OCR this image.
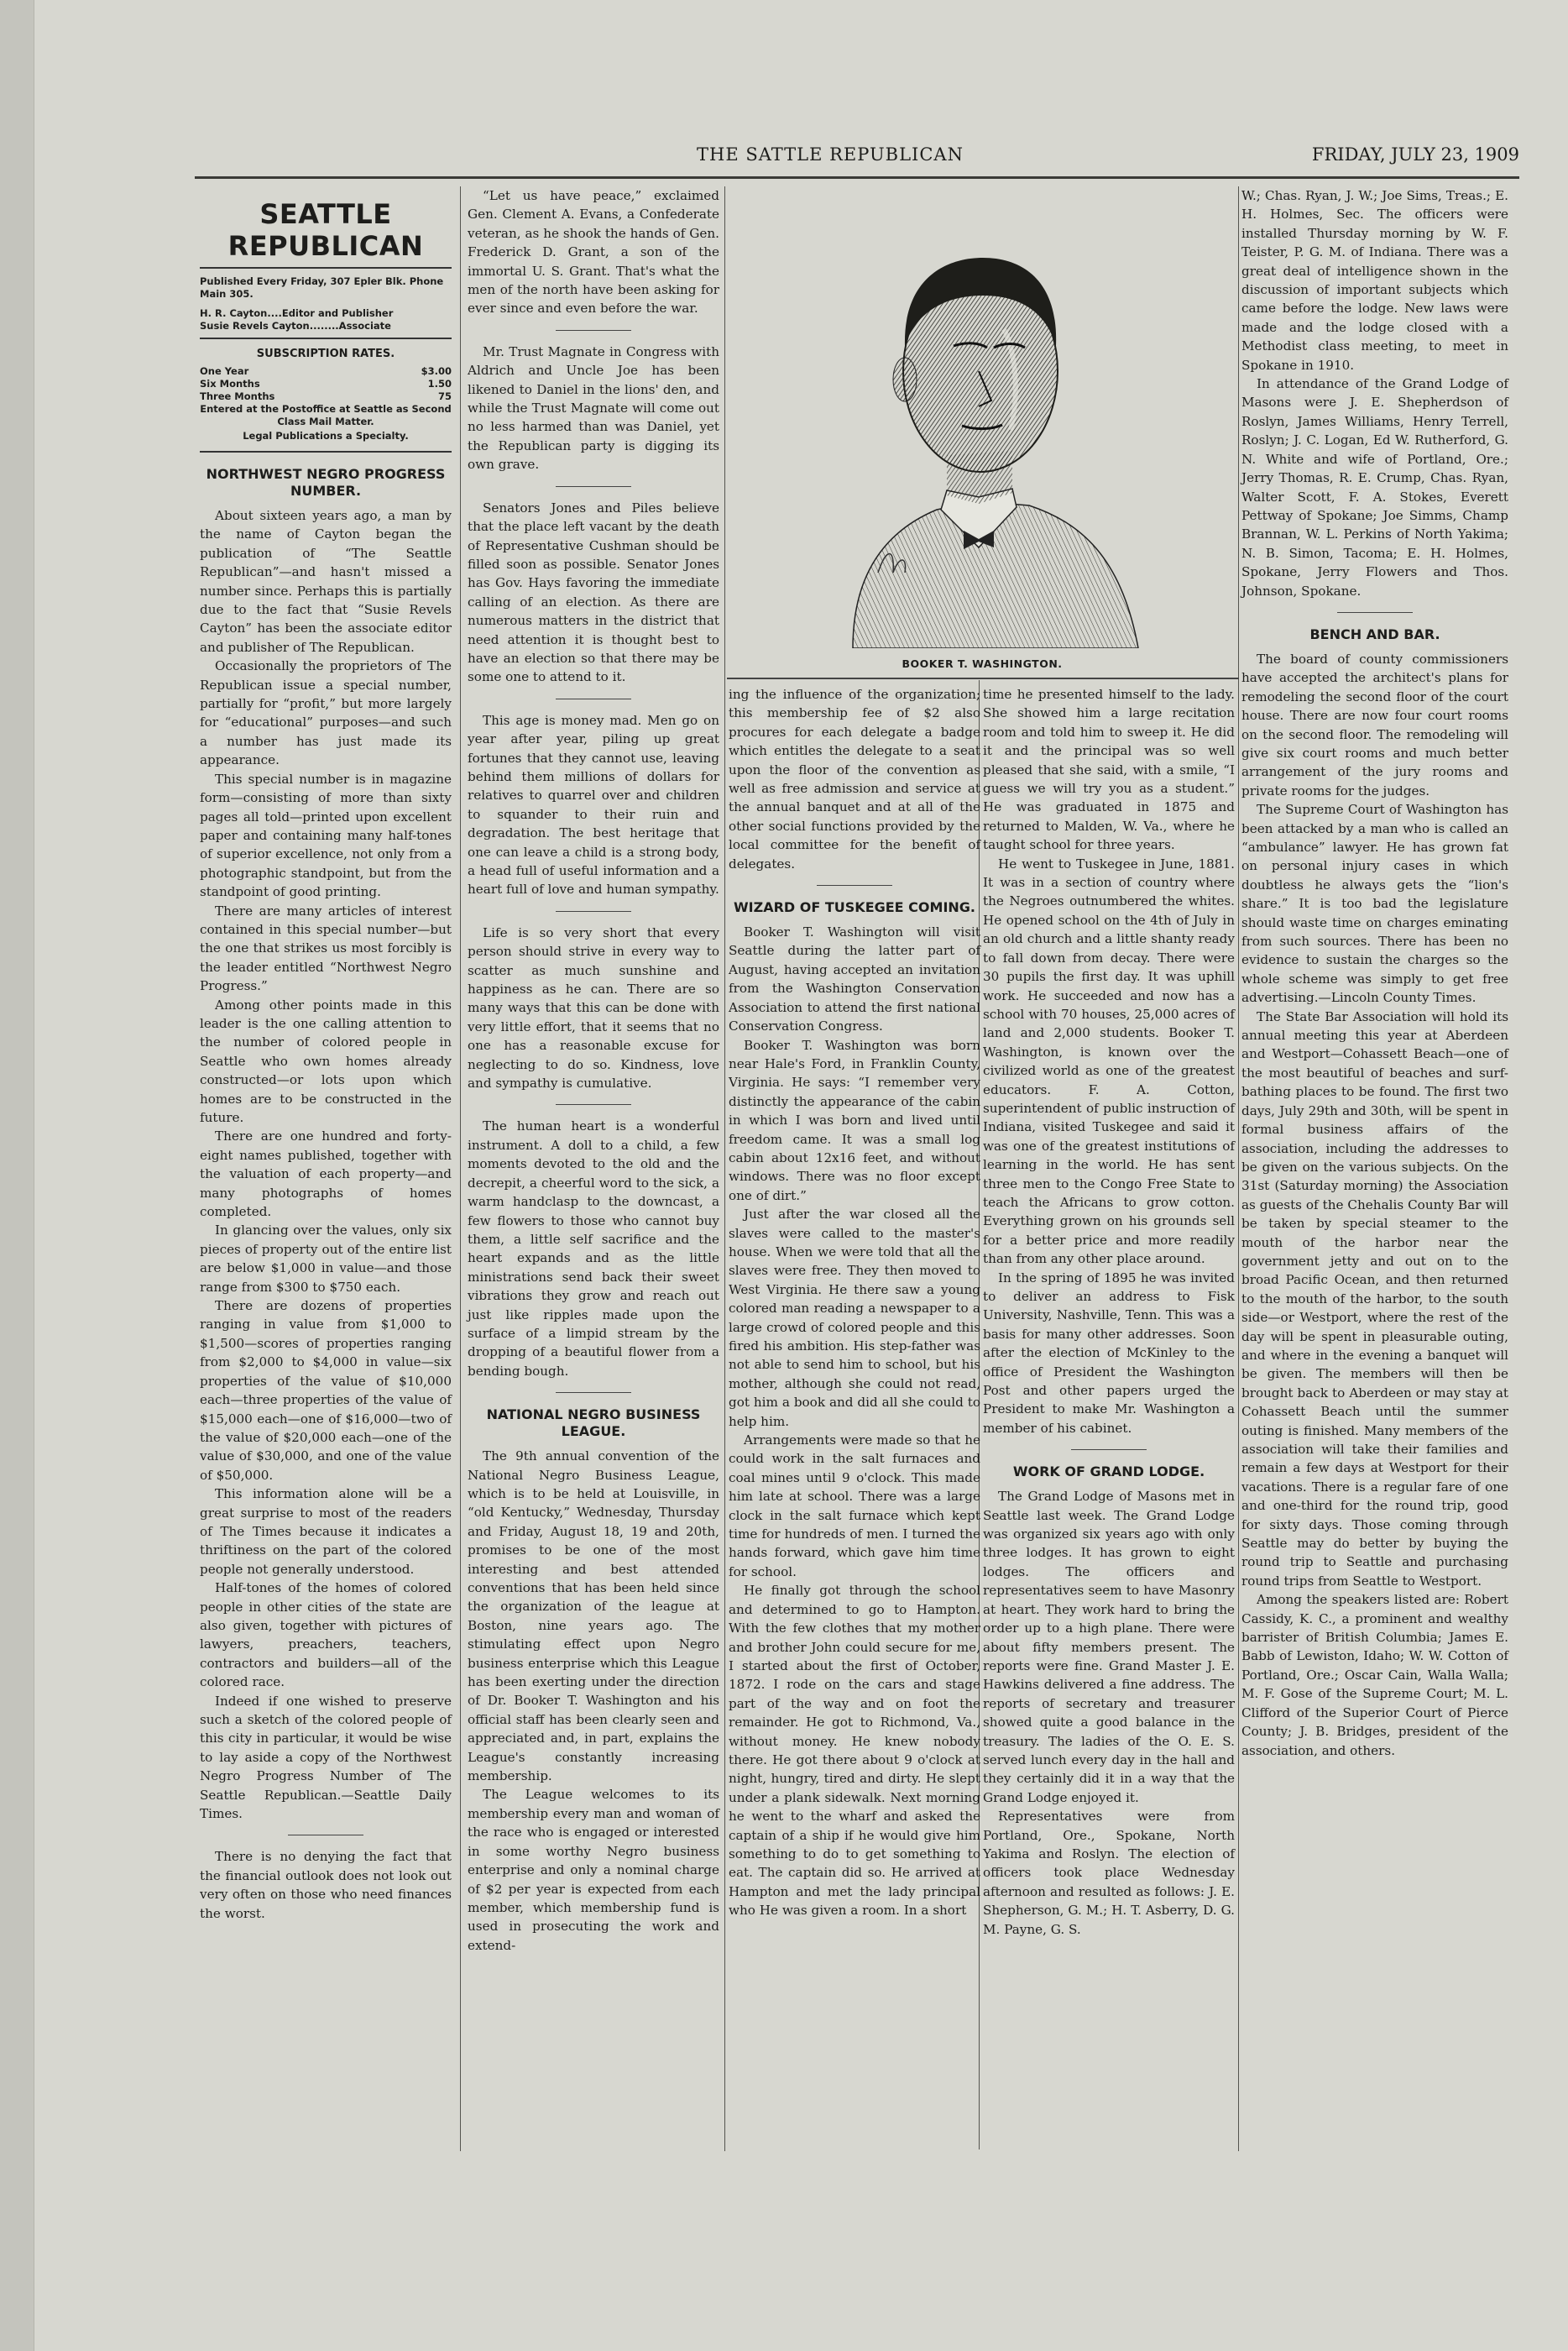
THE SATTLE REPUBLICAN	FRIDAY, JULY 23, 1909
SEATTLE REPUBLICAN
Published Every Friday, 307 Epler Blk. Phone Main 305.
H. R. Cayton....Editor and Publisher
Susie Revels Cayton........Associate
SUBSCRIPTION RATES.
One Year	$3.00
Six Months	1.50
Three Months	75
Entered at the Postoffice at Seattle as Second Class Mail Matter.
Legal Publications a Specialty.
NORTHWEST NEGRO PROGRESS NUMBER.

About sixteen years ago, a man by the name of Cayton began the publication of “The Seattle Republican”—and hasn't missed a number since. Perhaps this is partially due to the fact that “Susie Revels Cayton” has been the associate editor and publisher of The Republican.

Occasionally the proprietors of The Republican issue a special number, partially for “profit,” but more largely for “educational” purposes—and such a number has just made its appearance.

This special number is in magazine form—consisting of more than sixty pages all told—printed upon excellent paper and containing many half-tones of superior excellence, not only from a photographic standpoint, but from the standpoint of good printing.

There are many articles of interest contained in this special number—but the one that strikes us most forcibly is the leader entitled “Northwest Negro Progress.”

Among other points made in this leader is the one calling attention to the number of colored people in Seattle who own homes already constructed—or lots upon which homes are to be constructed in the future.

There are one hundred and forty-eight names published, together with the valuation of each property—and many photographs of homes completed.

In glancing over the values, only six pieces of property out of the entire list are below $1,000 in value—and those range from $300 to $750 each.

There are dozens of properties ranging in value from $1,000 to $1,500—scores of properties ranging from $2,000 to $4,000 in value—six properties of the value of $10,000 each—three properties of the value of $15,000 each—one of $16,000—two of the value of $20,000 each—one of the value of $30,000, and one of the value of $50,000.

This information alone will be a great surprise to most of the readers of The Times because it indicates a thriftiness on the part of the colored people not generally understood.

Half-tones of the homes of colored people in other cities of the state are also given, together with pictures of lawyers, preachers, teachers, contractors and builders—all of the colored race.

Indeed if one wished to preserve such a sketch of the colored people of this city in particular, it would be wise to lay aside a copy of the Northwest Negro Progress Number of The Seattle Republican.—Seattle Daily Times.

There is no denying the fact that the financial outlook does not look out very often on those who need finances the worst.

“Let us have peace,” exclaimed Gen. Clement A. Evans, a Confederate veteran, as he shook the hands of Gen. Frederick D. Grant, a son of the immortal U. S. Grant. That's what the men of the north have been asking for ever since and even before the war.

Mr. Trust Magnate in Congress with Aldrich and Uncle Joe has been likened to Daniel in the lions' den, and while the Trust Magnate will come out no less harmed than was Daniel, yet the Republican party is digging its own grave.

Senators Jones and Piles believe that the place left vacant by the death of Representative Cushman should be filled soon as possible. Senator Jones has Gov. Hays favoring the immediate calling of an election. As there are numerous matters in the district that need attention it is thought best to have an election so that there may be some one to attend to it.

This age is money mad. Men go on year after year, piling up great fortunes that they cannot use, leaving behind them millions of dollars for relatives to quarrel over and children to squander to their ruin and degradation. The best heritage that one can leave a child is a strong body, a head full of useful information and a heart full of love and human sympathy.

Life is so very short that every person should strive in every way to scatter as much sunshine and happiness as he can. There are so many ways that this can be done with very little effort, that it seems that no one has a reasonable excuse for neglecting to do so. Kindness, love and sympathy is cumulative.

The human heart is a wonderful instrument. A doll to a child, a few moments devoted to the old and the decrepit, a cheerful word to the sick, a warm handclasp to the downcast, a few flowers to those who cannot buy them, a little self sacrifice and the heart expands and as the little ministrations send back their sweet vibrations they grow and reach out just like ripples made upon the surface of a limpid stream by the dropping of a beautiful flower from a bending bough.

NATIONAL NEGRO BUSINESS LEAGUE.

The 9th annual convention of the National Negro Business League, which is to be held at Louisville, in “old Kentucky,” Wednesday, Thursday and Friday, August 18, 19 and 20th, promises to be one of the most interesting and best attended conventions that has been held since the organization of the league at Boston, nine years ago. The stimulating effect upon Negro business enterprise which this League has been exerting under the direction of Dr. Booker T. Washington and his official staff has been clearly seen and appreciated and, in part, explains the League's constantly increasing membership.

The League welcomes to its membership every man and woman of the race who is engaged or interested in some worthy Negro business enterprise and only a nominal charge of $2 per year is expected from each member, which membership fund is used in prosecuting the work and extend-

BOOKER T. WASHINGTON.

ing the influence of the organization; this membership fee of $2 also procures for each delegate a badge which entitles the delegate to a seat upon the floor of the convention as well as free admission and service at the annual banquet and at all of the other social functions provided by the local committee for the benefit of delegates.

WIZARD OF TUSKEGEE COMING.

Booker T. Washington will visit Seattle during the latter part of August, having accepted an invitation from the Washington Conservation Association to attend the first national Conservation Congress.

Booker T. Washington was born near Hale's Ford, in Franklin County, Virginia. He says: “I remember very distinctly the appearance of the cabin in which I was born and lived until freedom came. It was a small log cabin about 12x16 feet, and without windows. There was no floor except one of dirt.”

Just after the war closed all the slaves were called to the master's house. When we were told that all the slaves were free. They then moved to West Virginia. He there saw a young colored man reading a newspaper to a large crowd of colored people and this fired his ambition. His step-father was not able to send him to school, but his mother, although she could not read, got him a book and did all she could to help him.

Arrangements were made so that he could work in the salt furnaces and coal mines until 9 o'clock. This made him late at school. There was a large clock in the salt furnace which kept time for hundreds of men. I turned the hands forward, which gave him time for school.

He finally got through the school and determined to go to Hampton. With the few clothes that my mother and brother John could secure for me, I started about the first of October, 1872. I rode on the cars and stage part of the way and on foot the remainder. He got to Richmond, Va., without money. He knew nobody there. He got there about 9 o'clock at night, hungry, tired and dirty. He slept under a plank sidewalk. Next morning he went to the wharf and asked the captain of a ship if he would give him something to do to get something to eat. The captain did so. He arrived at Hampton and met the lady principal who He was given a room. In a short

time he presented himself to the lady. She showed him a large recitation room and told him to sweep it. He did it and the principal was so well pleased that she said, with a smile, “I guess we will try you as a student.” He was graduated in 1875 and returned to Malden, W. Va., where he taught school for three years.

He went to Tuskegee in June, 1881. It was in a section of country where the Negroes outnumbered the whites. He opened school on the 4th of July in an old church and a little shanty ready to fall down from decay. There were 30 pupils the first day. It was uphill work. He succeeded and now has a school with 70 houses, 25,000 acres of land and 2,000 students. Booker T. Washington, is known over the civilized world as one of the greatest educators. F. A. Cotton, superintendent of public instruction of Indiana, visited Tuskegee and said it was one of the greatest institutions of learning in the world. He has sent three men to the Congo Free State to teach the Africans to grow cotton. Everything grown on his grounds sell for a better price and more readily than from any other place around.

In the spring of 1895 he was invited to deliver an address to Fisk University, Nashville, Tenn. This was a basis for many other addresses. Soon after the election of McKinley to the office of President the Washington Post and other papers urged the President to make Mr. Washington a member of his cabinet.

WORK OF GRAND LODGE.

The Grand Lodge of Masons met in Seattle last week. The Grand Lodge was organized six years ago with only three lodges. It has grown to eight lodges. The officers and representatives seem to have Masonry at heart. They work hard to bring the order up to a high plane. There were about fifty members present. The reports were fine. Grand Master J. E. Hawkins delivered a fine address. The reports of secretary and treasurer showed quite a good balance in the treasury. The ladies of the O. E. S. served lunch every day in the hall and they certainly did it in a way that the Grand Lodge enjoyed it.

Representatives were from Portland, Ore., Spokane, North Yakima and Roslyn. The election of officers took place Wednesday afternoon and resulted as follows: J. E. Shepherson, G. M.; H. T. Asberry, D. G. M. Payne, G. S.

W.; Chas. Ryan, J. W.; Joe Sims, Treas.; E. H. Holmes, Sec. The officers were installed Thursday morning by W. F. Teister, P. G. M. of Indiana. There was a great deal of intelligence shown in the discussion of important subjects which came before the lodge. New laws were made and the lodge closed with a Methodist class meeting, to meet in Spokane in 1910.

In attendance of the Grand Lodge of Masons were J. E. Shepherdson of Roslyn, James Williams, Henry Terrell, Roslyn; J. C. Logan, Ed W. Rutherford, G. N. White and wife of Portland, Ore.; Jerry Thomas, R. E. Crump, Chas. Ryan, Walter Scott, F. A. Stokes, Everett Pettway of Spokane; Joe Simms, Champ Brannan, W. L. Perkins of North Yakima; N. B. Simon, Tacoma; E. H. Holmes, Spokane, Jerry Flowers and Thos. Johnson, Spokane.

BENCH AND BAR.

The board of county commissioners have accepted the architect's plans for remodeling the second floor of the court house. There are now four court rooms on the second floor. The remodeling will give six court rooms and much better arrangement of the jury rooms and private rooms for the judges.

The Supreme Court of Washington has been attacked by a man who is called an “ambulance” lawyer. He has grown fat on personal injury cases in which doubtless he always gets the “lion's share.” It is too bad the legislature should waste time on charges eminating from such sources. There has been no evidence to sustain the charges so the whole scheme was simply to get free advertising.—Lincoln County Times.

The State Bar Association will hold its annual meeting this year at Aberdeen and Westport—Cohassett Beach—one of the most beautiful of beaches and surf-bathing places to be found. The first two days, July 29th and 30th, will be spent in formal business affairs of the association, including the addresses to be given on the various subjects. On the 31st (Saturday morning) the Association as guests of the Chehalis County Bar will be taken by special steamer to the mouth of the harbor near the government jetty and out on to the broad Pacific Ocean, and then returned to the mouth of the harbor, to the south side—or Westport, where the rest of the day will be spent in pleasurable outing, and where in the evening a banquet will be given. The members will then be brought back to Aberdeen or may stay at Cohassett Beach until the summer outing is finished. Many members of the association will take their families and remain a few days at Westport for their vacations. There is a regular fare of one and one-third for the round trip, good for sixty days. Those coming through Seattle may do better by buying the round trip to Seattle and purchasing round trips from Seattle to Westport.

Among the speakers listed are: Robert Cassidy, K. C., a prominent and wealthy barrister of British Columbia; James E. Babb of Lewiston, Idaho; W. W. Cotton of Portland, Ore.; Oscar Cain, Walla Walla; M. F. Gose of the Supreme Court; M. L. Clifford of the Superior Court of Pierce County; J. B. Bridges, president of the association, and others.
